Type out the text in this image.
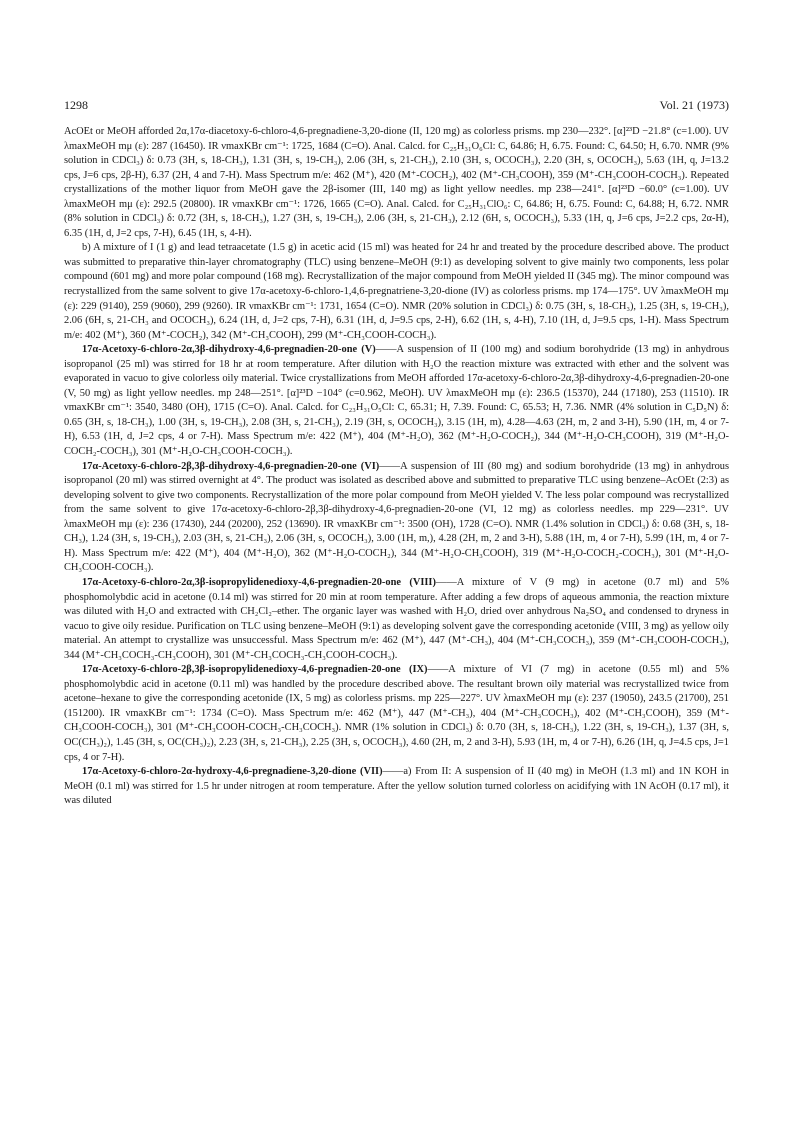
1298	Vol. 21 (1973)

AcOEt or MeOH afforded 2α,17α-diacetoxy-6-chloro-4,6-pregnadiene-3,20-dione (II, 120 mg) as colorless prisms. mp 230—232°. [α]²³D −21.8° (c=1.00). UV λmaxMeOH mμ (ε): 287 (16450). IR νmaxKBr cm⁻¹: 1725, 1684 (C=O). Anal. Calcd. for C₂₅H₃₁O₆Cl: C, 64.86; H, 6.75. Found: C, 64.50; H, 6.70. NMR (9% solution in CDCl₃) δ: 0.73 (3H, s, 18-CH₃), 1.31 (3H, s, 19-CH₃), 2.06 (3H, s, 21-CH₃), 2.10 (3H, s, OCOCH₃), 2.20 (3H, s, OCOCH₃), 5.63 (1H, q, J=13.2 cps, J=6 cps, 2β-H), 6.37 (2H, 4 and 7-H). Mass Spectrum m/e: 462 (M⁺), 420 (M⁺-COCH₂), 402 (M⁺-CH₃COOH), 359 (M⁺-CH₃COOH-COCH₃). Repeated crystallizations of the mother liquor from MeOH gave the 2β-isomer (III, 140 mg) as light yellow needles. mp 238—241°. [α]²³D −60.0° (c=1.00). UV λmaxMeOH mμ (ε): 292.5 (20800). IR νmaxKBr cm⁻¹: 1726, 1665 (C=O). Anal. Calcd. for C₂₅H₃₁ClO₆: C, 64.86; H, 6.75. Found: C, 64.88; H, 6.72. NMR (8% solution in CDCl₃) δ: 0.72 (3H, s, 18-CH₃), 1.27 (3H, s, 19-CH₃), 2.06 (3H, s, 21-CH₃), 2.12 (6H, s, OCOCH₃), 5.33 (1H, q, J=6 cps, J=2.2 cps, 2α-H), 6.35 (1H, d, J=2 cps, 7-H), 6.45 (1H, s, 4-H).

b) A mixture of I (1 g) and lead tetraacetate (1.5 g) in acetic acid (15 ml) was heated for 24 hr and treated by the procedure described above. The product was submitted to preparative thin-layer chromatography (TLC) using benzene–MeOH (9:1) as developing solvent to give mainly two components, less polar compound (601 mg) and more polar compound (168 mg). Recrystallization of the major compound from MeOH yielded II (345 mg). The minor compound was recrystallized from the same solvent to give 17α-acetoxy-6-chloro-1,4,6-pregnatriene-3,20-dione (IV) as colorless prisms. mp 174—175°. UV λmaxMeOH mμ (ε): 229 (9140), 259 (9060), 299 (9260). IR νmaxKBr cm⁻¹: 1731, 1654 (C=O). NMR (20% solution in CDCl₃) δ: 0.75 (3H, s, 18-CH₃), 1.25 (3H, s, 19-CH₃), 2.06 (6H, s, 21-CH₃ and OCOCH₃), 6.24 (1H, d, J=2 cps, 7-H), 6.31 (1H, d, J=9.5 cps, 2-H), 6.62 (1H, s, 4-H), 7.10 (1H, d, J=9.5 cps, 1-H). Mass Spectrum m/e: 402 (M⁺), 360 (M⁺-COCH₂), 342 (M⁺-CH₃COOH), 299 (M⁺-CH₃COOH-COCH₃).

17α-Acetoxy-6-chloro-2α,3β-dihydroxy-4,6-pregnadien-20-one (V)——A suspension of II (100 mg) and sodium borohydride (13 mg) in anhydrous isopropanol (25 ml) was stirred for 18 hr at room temperature. After dilution with H₂O the reaction mixture was extracted with ether and the solvent was evaporated in vacuo to give colorless oily material. Twice crystallizations from MeOH afforded 17α-acetoxy-6-chloro-2α,3β-dihydroxy-4,6-pregnadien-20-one (V, 50 mg) as light yellow needles. mp 248—251°. [α]²³D −104° (c=0.962, MeOH). UV λmaxMeOH mμ (ε): 236.5 (15370), 244 (17180), 253 (11510). IR νmaxKBr cm⁻¹: 3540, 3480 (OH), 1715 (C=O). Anal. Calcd. for C₂₃H₃₁O₅Cl: C, 65.31; H, 7.39. Found: C, 65.53; H, 7.36. NMR (4% solution in C₅D₅N) δ: 0.65 (3H, s, 18-CH₃), 1.00 (3H, s, 19-CH₃), 2.08 (3H, s, 21-CH₃), 2.19 (3H, s, OCOCH₃), 3.15 (1H, m), 4.28—4.63 (2H, m, 2 and 3-H), 5.90 (1H, m, 4 or 7-H), 6.53 (1H, d, J=2 cps, 4 or 7-H). Mass Spectrum m/e: 422 (M⁺), 404 (M⁺-H₂O), 362 (M⁺-H₂O-COCH₂), 344 (M⁺-H₂O-CH₃COOH), 319 (M⁺-H₂O-COCH₂-COCH₃), 301 (M⁺-H₂O-CH₃COOH-COCH₃).

17α-Acetoxy-6-chloro-2β,3β-dihydroxy-4,6-pregnadien-20-one (VI)——A suspension of III (80 mg) and sodium borohydride (13 mg) in anhydrous isopropanol (20 ml) was stirred overnight at 4°. The product was isolated as described above and submitted to preparative TLC using benzene–AcOEt (2:3) as developing solvent to give two components. Recrystallization of the more polar compound from MeOH yielded V. The less polar compound was recrystallized from the same solvent to give 17α-acetoxy-6-chloro-2β,3β-dihydroxy-4,6-pregnadien-20-one (VI, 12 mg) as colorless needles. mp 229—231°. UV λmaxMeOH mμ (ε): 236 (17430), 244 (20200), 252 (13690). IR νmaxKBr cm⁻¹: 3500 (OH), 1728 (C=O). NMR (1.4% solution in CDCl₃) δ: 0.68 (3H, s, 18-CH₃), 1.24 (3H, s, 19-CH₃), 2.03 (3H, s, 21-CH₃), 2.06 (3H, s, OCOCH₃), 3.00 (1H, m,), 4.28 (2H, m, 2 and 3-H), 5.88 (1H, m, 4 or 7-H), 5.99 (1H, m, 4 or 7-H). Mass Spectrum m/e: 422 (M⁺), 404 (M⁺-H₂O), 362 (M⁺-H₂O-COCH₂), 344 (M⁺-H₂O-CH₃COOH), 319 (M⁺-H₂O-COCH₂-COCH₃), 301 (M⁺-H₂O-CH₃COOH-COCH₃).

17α-Acetoxy-6-chloro-2α,3β-isopropylidenedioxy-4,6-pregnadien-20-one (VIII)——A mixture of V (9 mg) in acetone (0.7 ml) and 5% phosphomolybdic acid in acetone (0.14 ml) was stirred for 20 min at room temperature. After adding a few drops of aqueous ammonia, the reaction mixture was diluted with H₂O and extracted with CH₂Cl₂–ether. The organic layer was washed with H₂O, dried over anhydrous Na₂SO₄ and condensed to dryness in vacuo to give oily residue. Purification on TLC using benzene–MeOH (9:1) as developing solvent gave the corresponding acetonide (VIII, 3 mg) as yellow oily material. An attempt to crystallize was unsuccessful. Mass Spectrum m/e: 462 (M⁺), 447 (M⁺-CH₃), 404 (M⁺-CH₃COCH₃), 359 (M⁺-CH₃COOH-COCH₃), 344 (M⁺-CH₃COCH₃-CH₃COOH), 301 (M⁺-CH₃COCH₃-CH₃COOH-COCH₃).

17α-Acetoxy-6-chloro-2β,3β-isopropylidenedioxy-4,6-pregnadien-20-one (IX)——A mixture of VI (7 mg) in acetone (0.55 ml) and 5% phosphomolybdic acid in acetone (0.11 ml) was handled by the procedure described above. The resultant brown oily material was recrystallized twice from acetone–hexane to give the corresponding acetonide (IX, 5 mg) as colorless prisms. mp 225—227°. UV λmaxMeOH mμ (ε): 237 (19050), 243.5 (21700), 251 (151200). IR νmaxKBr cm⁻¹: 1734 (C=O). Mass Spectrum m/e: 462 (M⁺), 447 (M⁺-CH₃), 404 (M⁺-CH₃COCH₃), 402 (M⁺-CH₃COOH), 359 (M⁺-CH₃COOH-COCH₃), 301 (M⁺-CH₃COOH-COCH₃-CH₃COCH₃). NMR (1% solution in CDCl₃) δ: 0.70 (3H, s, 18-CH₃), 1.22 (3H, s, 19-CH₃), 1.37 (3H, s, OC(CH₃)₂), 1.45 (3H, s, OC(CH₃)₂), 2.23 (3H, s, 21-CH₃), 2.25 (3H, s, OCOCH₃), 4.60 (2H, m, 2 and 3-H), 5.93 (1H, m, 4 or 7-H), 6.26 (1H, q, J=4.5 cps, J=1 cps, 4 or 7-H).

17α-Acetoxy-6-chloro-2α-hydroxy-4,6-pregnadiene-3,20-dione (VII)——a) From II: A suspension of II (40 mg) in MeOH (1.3 ml) and 1N KOH in MeOH (0.1 ml) was stirred for 1.5 hr under nitrogen at room temperature. After the yellow solution turned colorless on acidifying with 1N AcOH (0.17 ml), it was diluted
